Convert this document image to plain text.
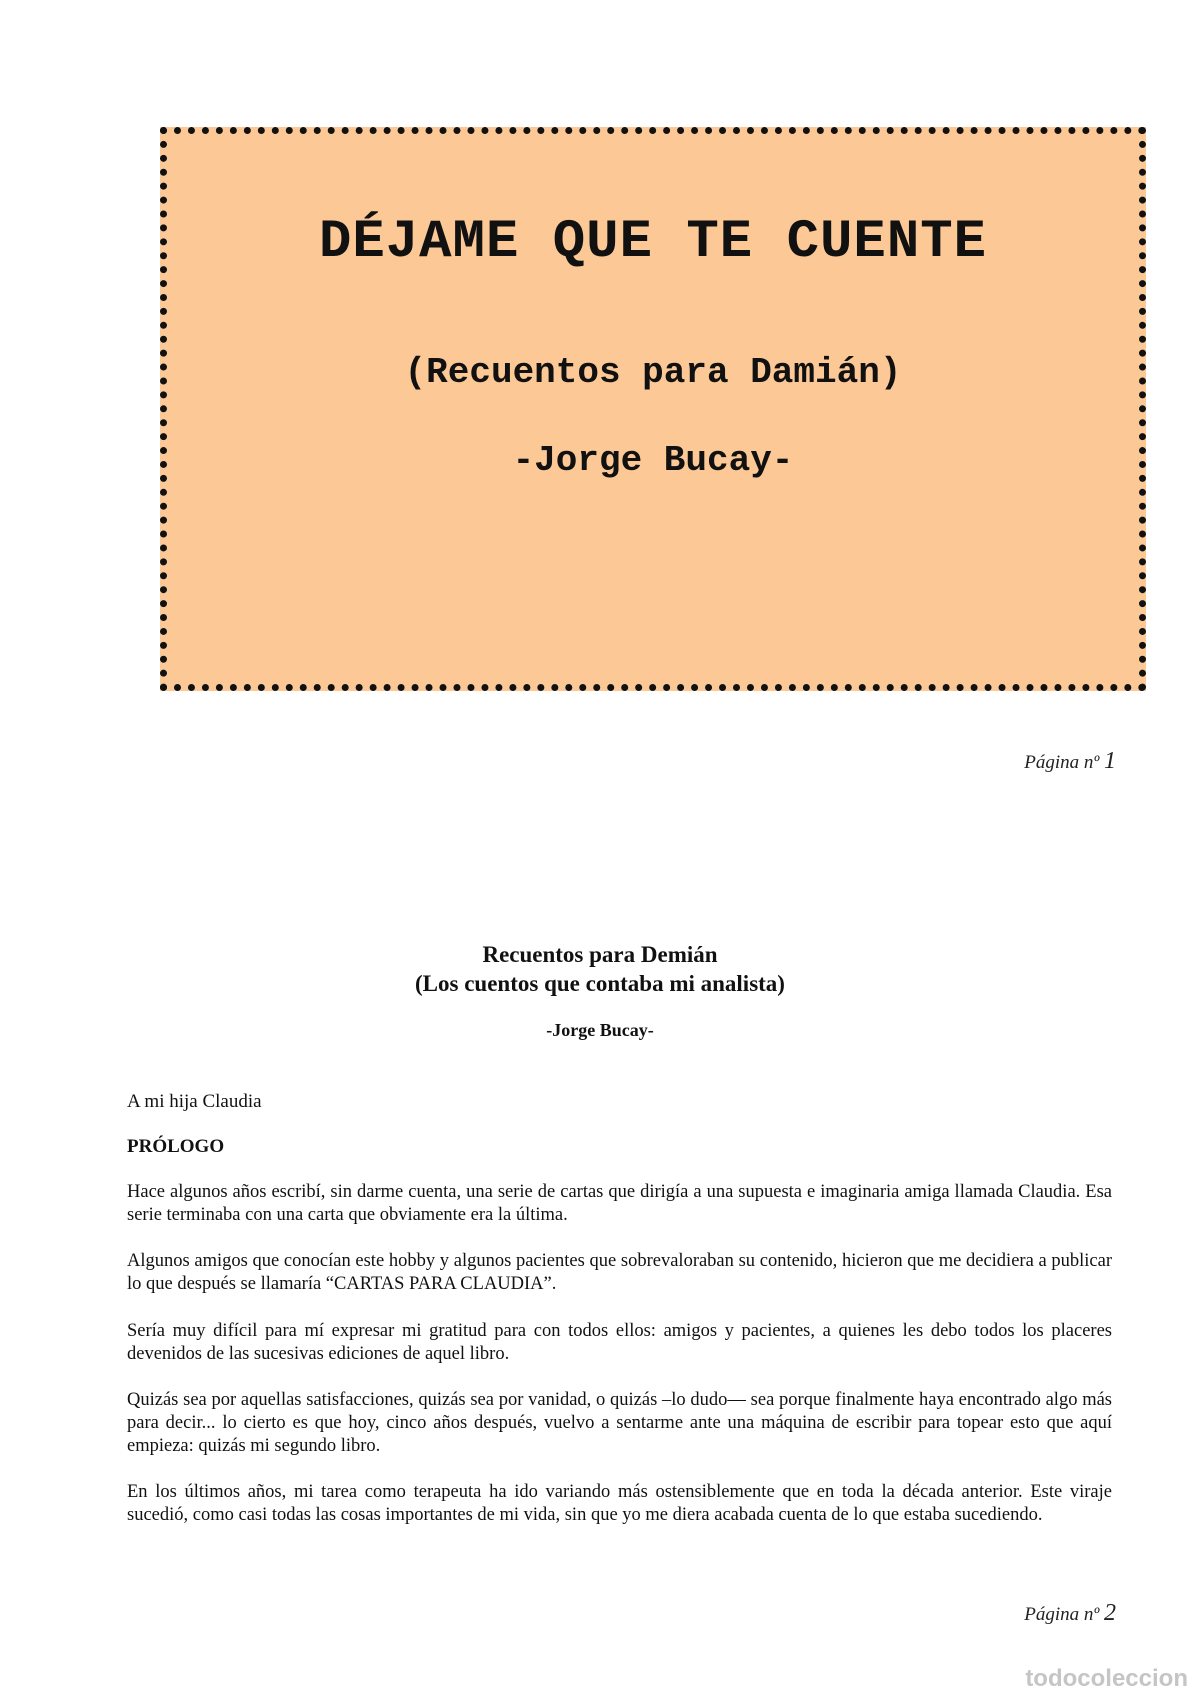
DÉJAME QUE TE CUENTE
(Recuentos para Damián)
-Jorge Bucay-
Página nº 1
Recuentos para Demián
(Los cuentos que contaba mi analista)
-Jorge Bucay-
A mi hija Claudia
PRÓLOGO

Hace algunos años escribí, sin darme cuenta, una serie de cartas que dirigía a una supuesta e imaginaria amiga llamada Claudia. Esa serie terminaba con una carta que obviamente era la última.

Algunos amigos que conocían este hobby y algunos pacientes que sobrevaloraban su contenido, hicieron que me decidiera a publicar lo que después se llamaría “CARTAS PARA CLAUDIA”.

Sería muy difícil para mí expresar mi gratitud para con todos ellos: amigos y pacientes, a quienes les debo todos los placeres devenidos de las sucesivas ediciones de aquel libro.

Quizás sea por aquellas satisfacciones, quizás sea por vanidad, o quizás –lo dudo— sea porque finalmente haya encontrado algo más para decir... lo cierto es que hoy, cinco años después, vuelvo a sentarme ante una máquina de escribir para topear esto que aquí empieza: quizás mi segundo libro.

En los últimos años, mi tarea como terapeuta ha ido variando más ostensiblemente que en toda la década anterior. Este viraje sucedió, como casi todas las cosas importantes de mi vida, sin que yo me diera acabada cuenta de lo que estaba sucediendo.

Página nº 2
todocoleccion
